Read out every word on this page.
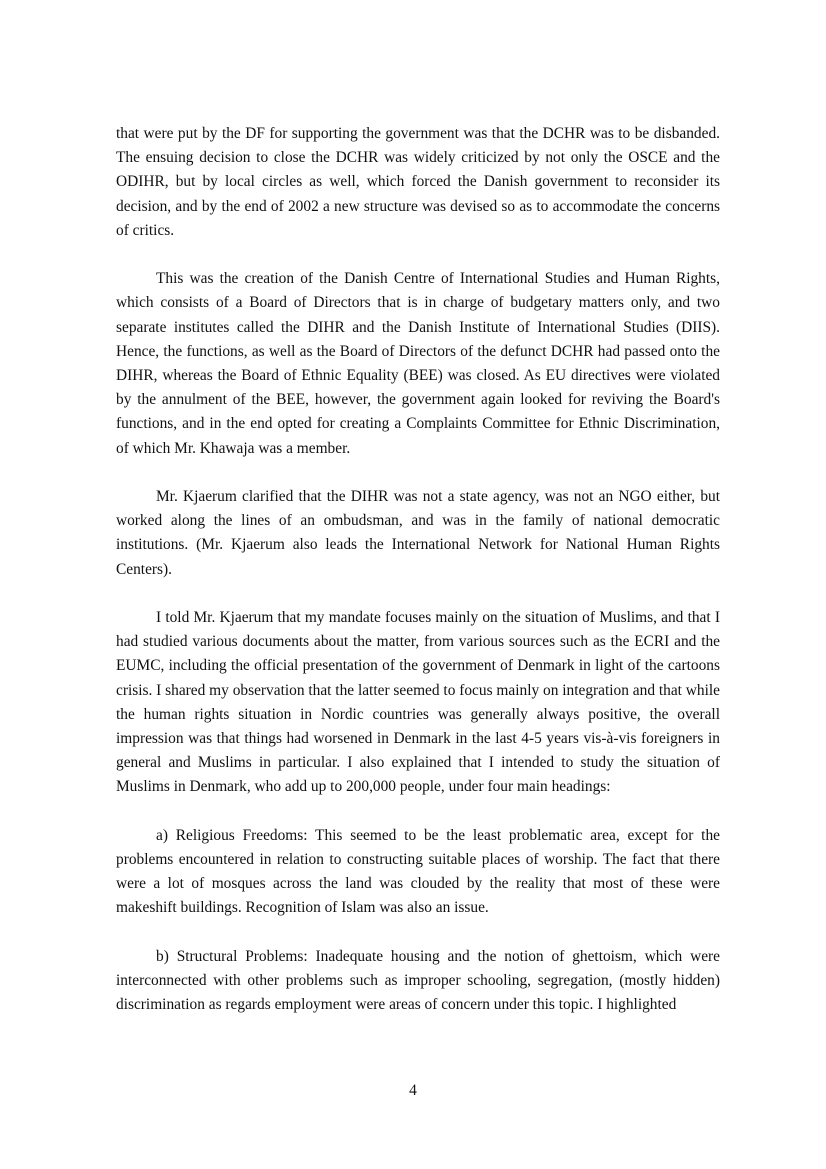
that were put by the DF for supporting the government was that the DCHR was to be disbanded. The ensuing decision to close the DCHR was widely criticized by not only the OSCE and the ODIHR, but by local circles as well, which forced the Danish government to reconsider its decision, and by the end of 2002 a new structure was devised so as to accommodate the concerns of critics.

This was the creation of the Danish Centre of International Studies and Human Rights, which consists of a Board of Directors that is in charge of budgetary matters only, and two separate institutes called the DIHR and the Danish Institute of International Studies (DIIS). Hence, the functions, as well as the Board of Directors of the defunct DCHR had passed onto the DIHR, whereas the Board of Ethnic Equality (BEE) was closed. As EU directives were violated by the annulment of the BEE, however, the government again looked for reviving the Board's functions, and in the end opted for creating a Complaints Committee for Ethnic Discrimination, of which Mr. Khawaja was a member.

Mr. Kjaerum clarified that the DIHR was not a state agency, was not an NGO either, but worked along the lines of an ombudsman, and was in the family of national democratic institutions. (Mr. Kjaerum also leads the International Network for National Human Rights Centers).

I told Mr. Kjaerum that my mandate focuses mainly on the situation of Muslims, and that I had studied various documents about the matter, from various sources such as the ECRI and the EUMC, including the official presentation of the government of Denmark in light of the cartoons crisis. I shared my observation that the latter seemed to focus mainly on integration and that while the human rights situation in Nordic countries was generally always positive, the overall impression was that things had worsened in Denmark in the last 4-5 years vis-à-vis foreigners in general and Muslims in particular. I also explained that I intended to study the situation of Muslims in Denmark, who add up to 200,000 people, under four main headings:

a) Religious Freedoms: This seemed to be the least problematic area, except for the problems encountered in relation to constructing suitable places of worship. The fact that there were a lot of mosques across the land was clouded by the reality that most of these were makeshift buildings. Recognition of Islam was also an issue.

b) Structural Problems: Inadequate housing and the notion of ghettoism, which were interconnected with other problems such as improper schooling, segregation, (mostly hidden) discrimination as regards employment were areas of concern under this topic. I highlighted

4
